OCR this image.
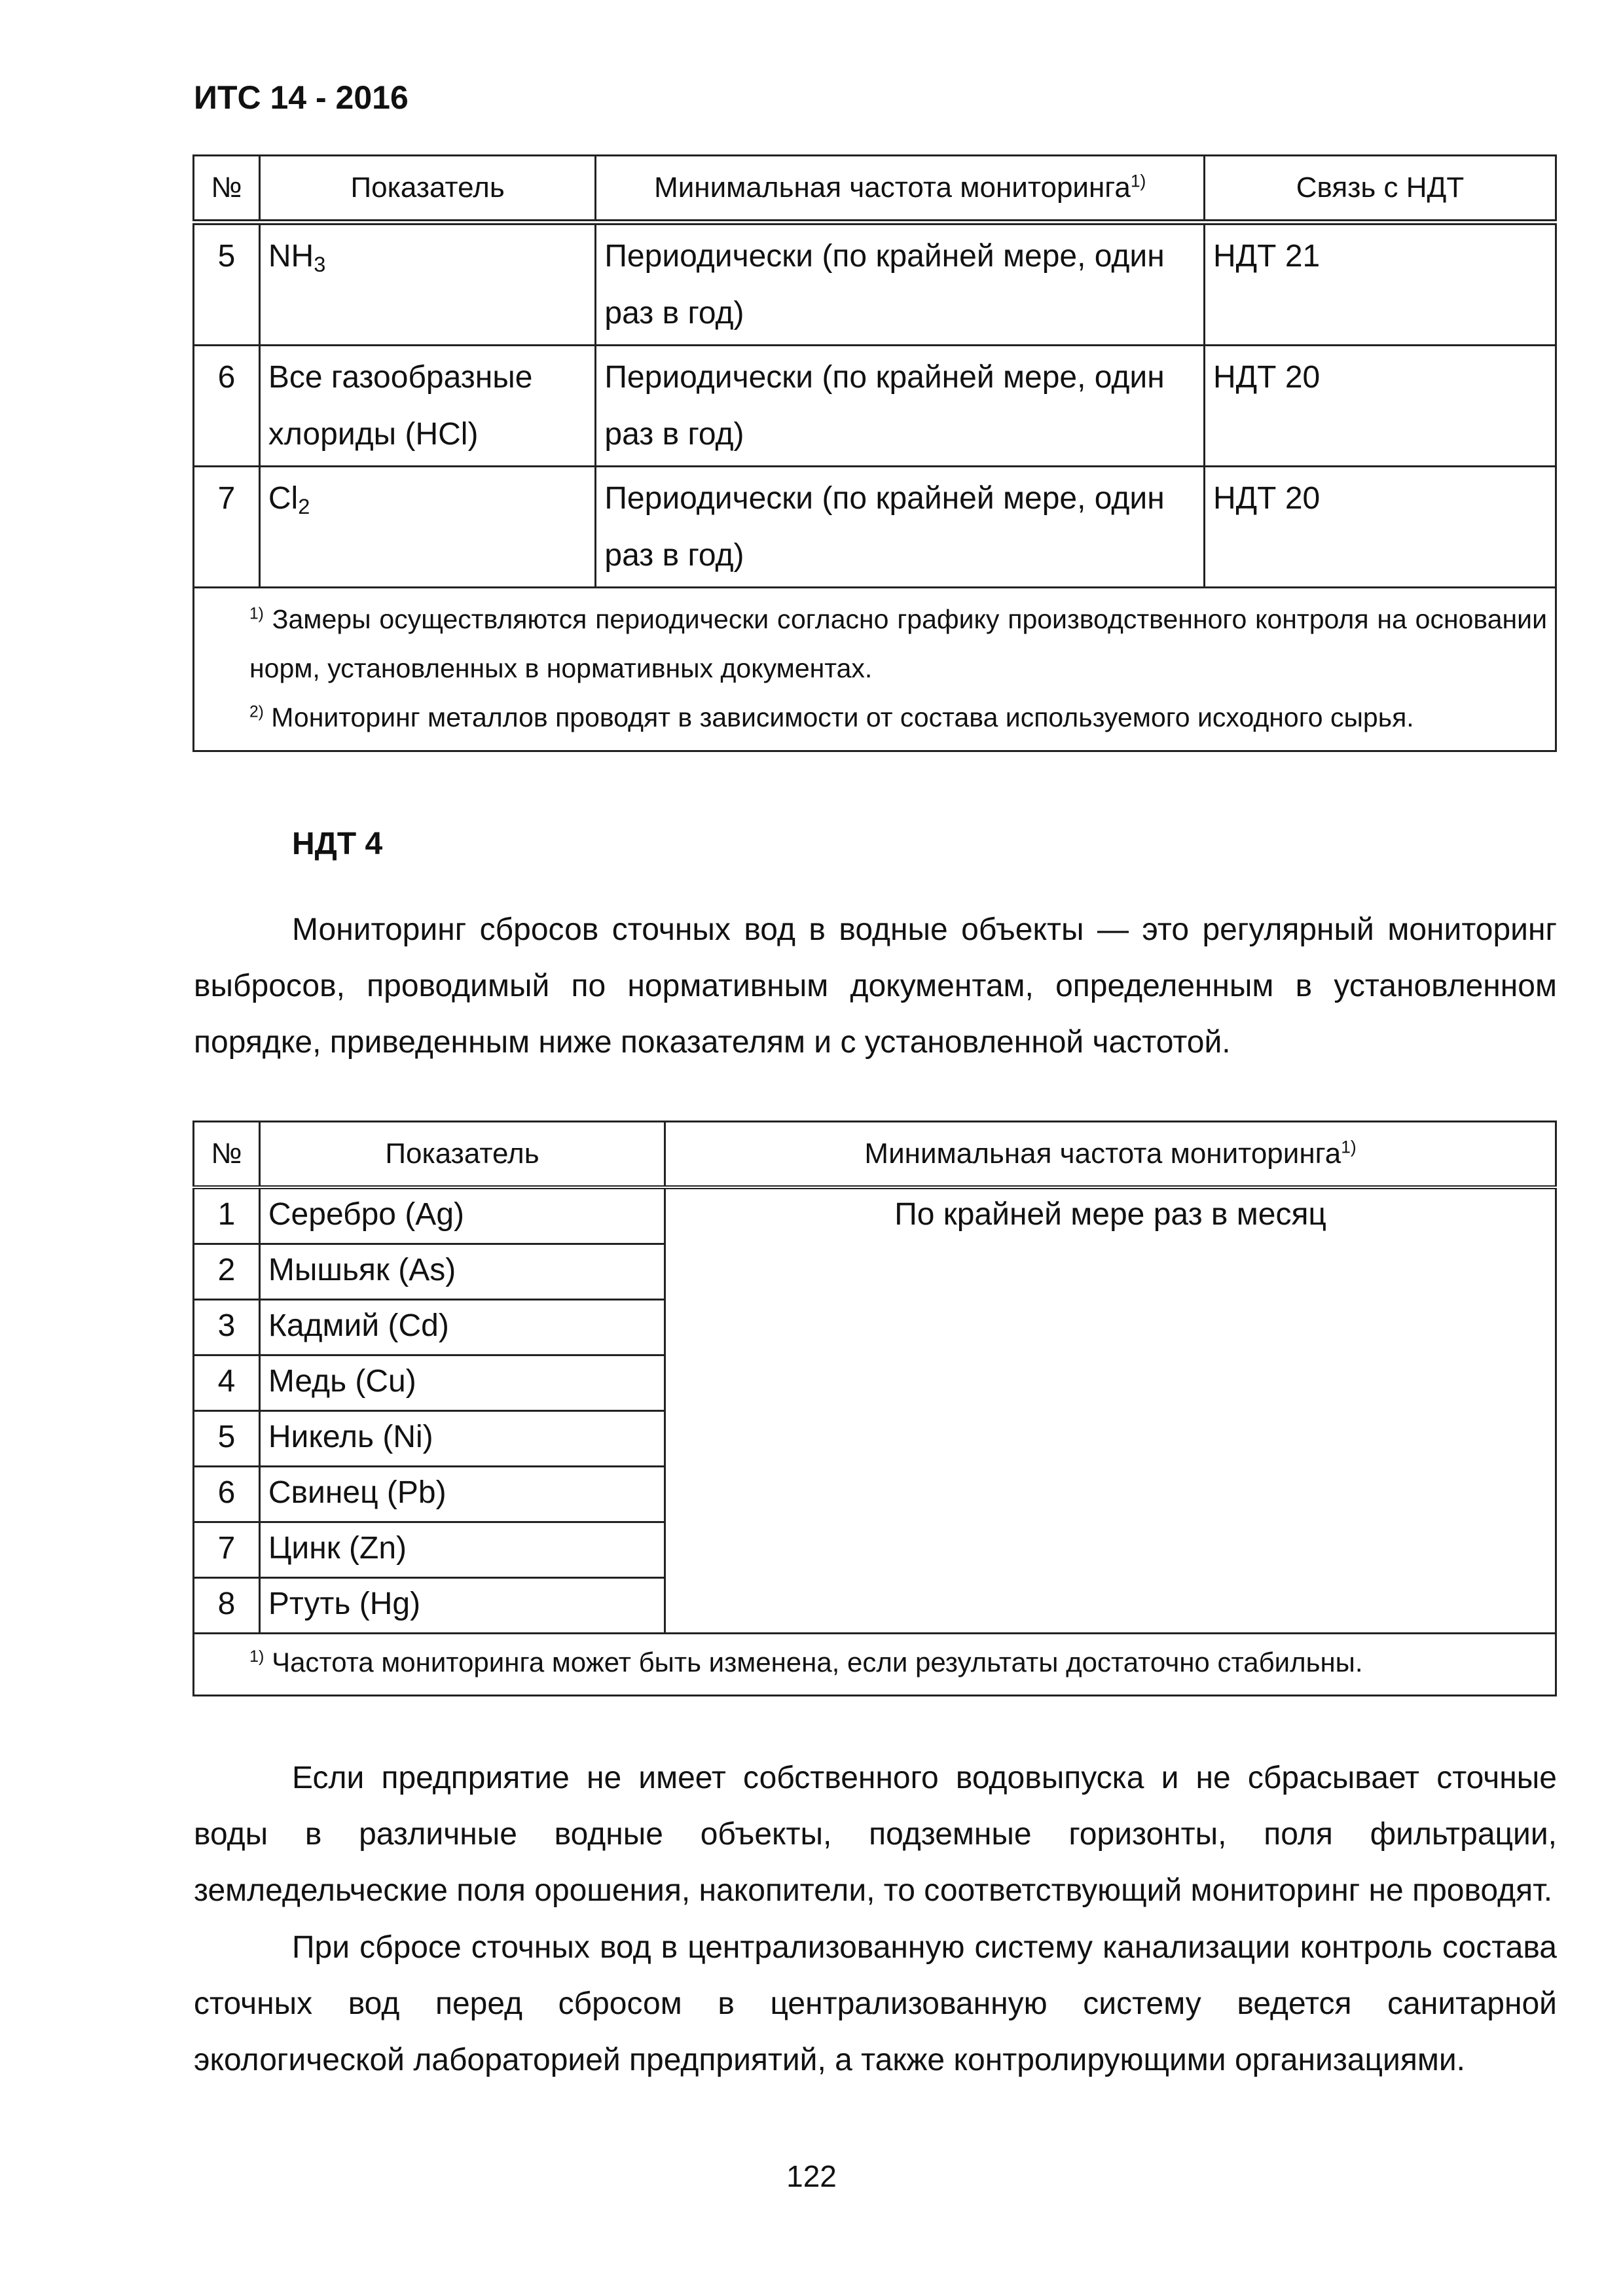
ИТС 14 - 2016
№	Показатель	Минимальная частота мониторинга$^{1)}$	Связь с НДТ
5	$NH_3$	Периодически (по крайней мере, один раз в год)	НДТ 21
6	Все газообразные хлориды (HCl)	Периодически (по крайней мере, один раз в год)	НДТ 20
7	$Cl_2$	Периодически (по крайней мере, один раз в год)	НДТ 20

$^{1)}$ Замеры осуществляются периодически согласно графику производственного контроля на основании норм, установленных в нормативных документах.
$^{2)}$ Мониторинг металлов проводят в зависимости от состава используемого исходного сырья.			
НДТ 4

Мониторинг сбросов сточных вод в водные объекты — это регулярный мониторинг выбросов, проводимый по нормативным документам, определенным в установленном порядке, приведенным ниже показателям и с установленной частотой.

№	Показатель	Минимальная частота мониторинга$^{1)}$
1	Серебро (Ag)	По крайней мере раз в месяц
2	Мышьяк (As)	
3	Кадмий (Cd)	
4	Медь (Cu)	
5	Никель (Ni)	
6	Свинец (Pb)	
7	Цинк (Zn)	
8	Ртуть (Hg)	
$^{1)}$ Частота мониторинга может быть изменена, если результаты достаточно стабильны.		

Если предприятие не имеет собственного водовыпуска и не сбрасывает сточные воды в различные водные объекты, подземные горизонты, поля фильтрации, земледельческие поля орошения, накопители, то соответствующий мониторинг не проводят.

При сбросе сточных вод в централизованную систему канализации контроль состава сточных вод перед сбросом в централизованную систему ведется санитарной экологической лабораторией предприятий, а также контролирующими организациями.

122
